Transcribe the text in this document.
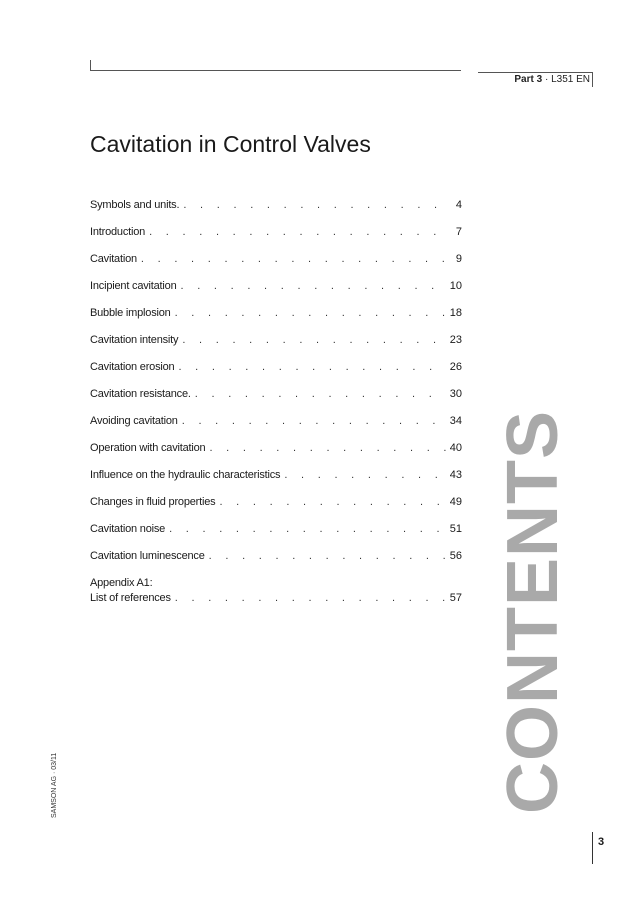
Part 3 · L351 EN
Cavitation in Control Valves
Symbols and units. . . .	4
Introduction . . .	7
Cavitation . . .	9
Incipient cavitation . . .	10
Bubble implosion . . .	18
Cavitation intensity . . .	23
Cavitation erosion . . .	26
Cavitation resistance. . . .	30
Avoiding cavitation . . .	34
Operation with cavitation . . .	40
Influence on the hydraulic characteristics . . .	43
Changes in fluid properties . . .	49
Cavitation noise . . .	51
Cavitation luminescence . . .	56
Appendix A1:
List of references . . .	57 CONTENTS
SAMSON AG · 03/11
3
